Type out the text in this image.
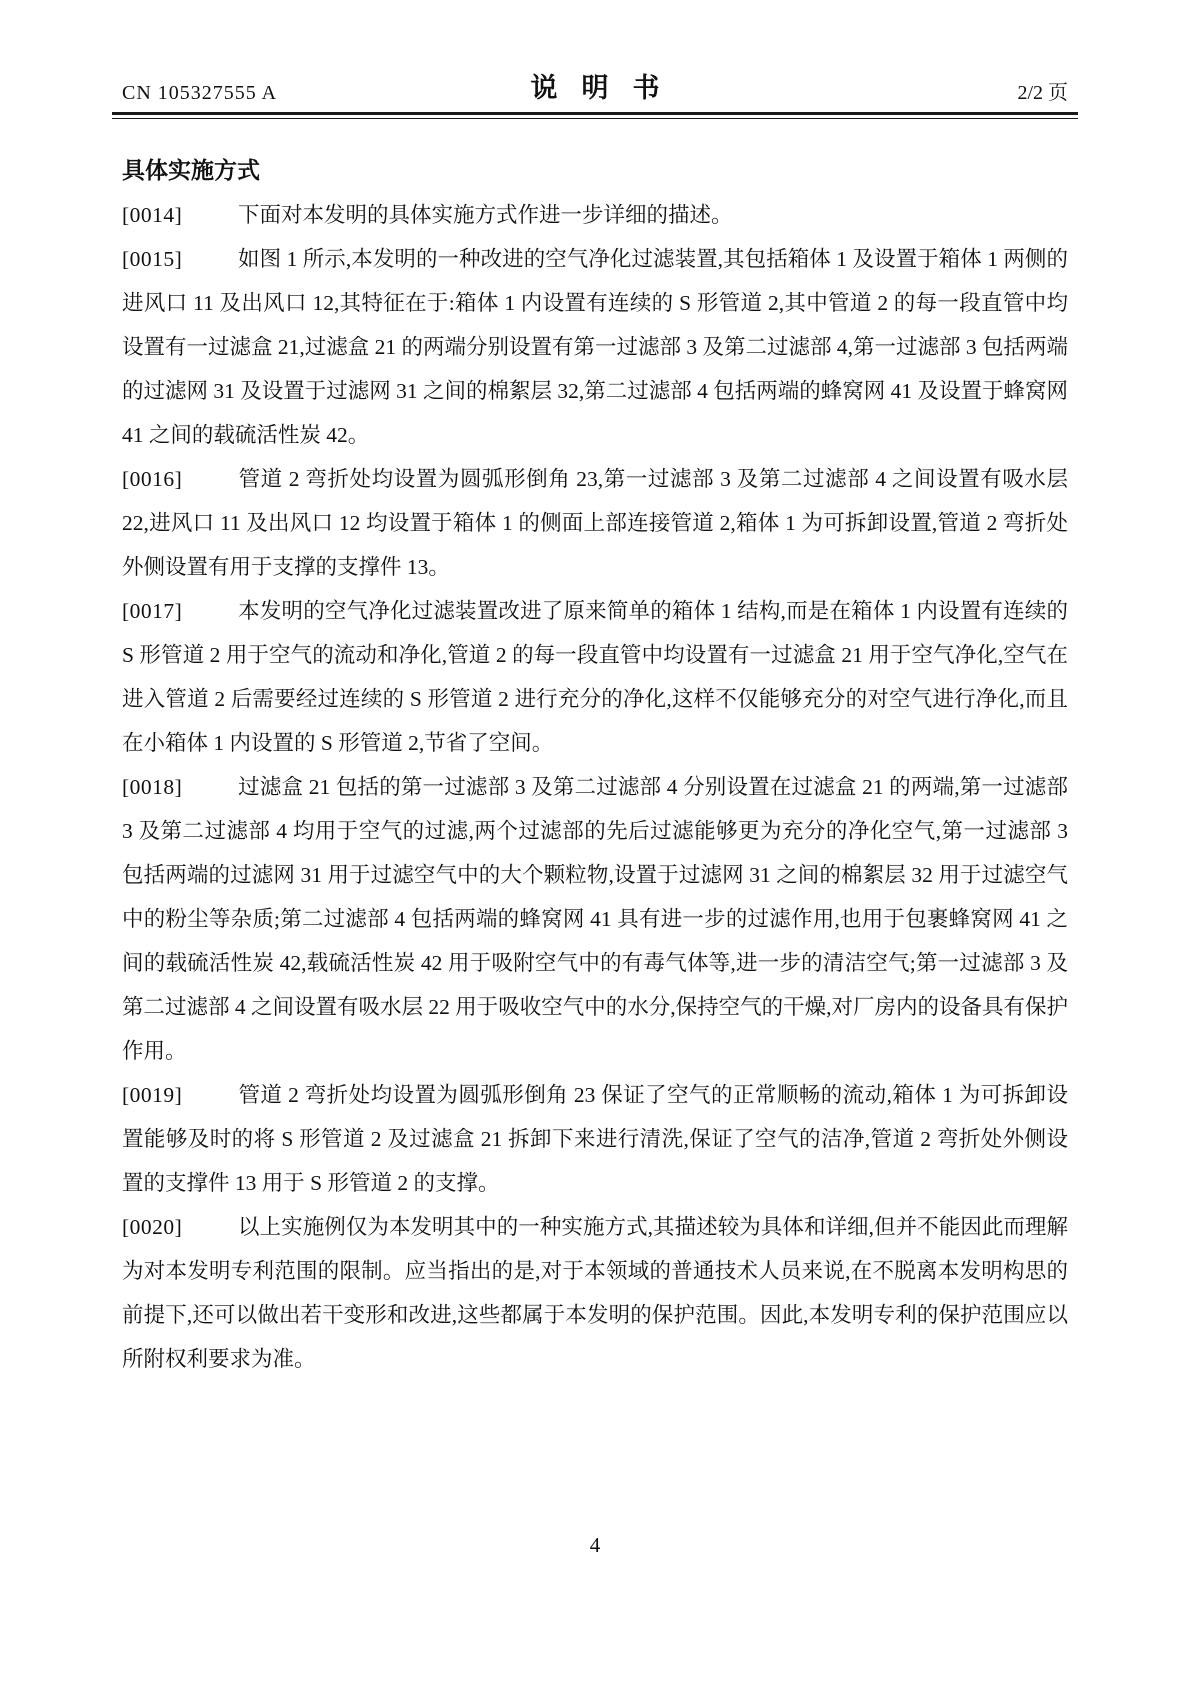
CN 105327555 A	说明书	2/2 页
具体实施方式

[0014]	下面对本发明的具体实施方式作进一步详细的描述。

[0015]	如图 1 所示,本发明的一种改进的空气净化过滤装置,其包括箱体 1 及设置于箱体 1 两侧的进风口 11 及出风口 12,其特征在于:箱体 1 内设置有连续的 S 形管道 2,其中管道 2 的每一段直管中均设置有一过滤盒 21,过滤盒 21 的两端分别设置有第一过滤部 3 及第二过滤部 4,第一过滤部 3 包括两端的过滤网 31 及设置于过滤网 31 之间的棉絮层 32,第二过滤部 4 包括两端的蜂窝网 41 及设置于蜂窝网 41 之间的载硫活性炭 42。

[0016]	管道 2 弯折处均设置为圆弧形倒角 23,第一过滤部 3 及第二过滤部 4 之间设置有吸水层 22,进风口 11 及出风口 12 均设置于箱体 1 的侧面上部连接管道 2,箱体 1 为可拆卸设置,管道 2 弯折处外侧设置有用于支撑的支撑件 13。

[0017]	本发明的空气净化过滤装置改进了原来简单的箱体 1 结构,而是在箱体 1 内设置有连续的 S 形管道 2 用于空气的流动和净化,管道 2 的每一段直管中均设置有一过滤盒 21 用于空气净化,空气在进入管道 2 后需要经过连续的 S 形管道 2 进行充分的净化,这样不仅能够充分的对空气进行净化,而且在小箱体 1 内设置的 S 形管道 2,节省了空间。

[0018]	过滤盒 21 包括的第一过滤部 3 及第二过滤部 4 分别设置在过滤盒 21 的两端,第一过滤部 3 及第二过滤部 4 均用于空气的过滤,两个过滤部的先后过滤能够更为充分的净化空气,第一过滤部 3 包括两端的过滤网 31 用于过滤空气中的大个颗粒物,设置于过滤网 31 之间的棉絮层 32 用于过滤空气中的粉尘等杂质;第二过滤部 4 包括两端的蜂窝网 41 具有进一步的过滤作用,也用于包裹蜂窝网 41 之间的载硫活性炭 42,载硫活性炭 42 用于吸附空气中的有毒气体等,进一步的清洁空气;第一过滤部 3 及第二过滤部 4 之间设置有吸水层 22 用于吸收空气中的水分,保持空气的干燥,对厂房内的设备具有保护作用。

[0019]	管道 2 弯折处均设置为圆弧形倒角 23 保证了空气的正常顺畅的流动,箱体 1 为可拆卸设置能够及时的将 S 形管道 2 及过滤盒 21 拆卸下来进行清洗,保证了空气的洁净,管道 2 弯折处外侧设置的支撑件 13 用于 S 形管道 2 的支撑。

[0020]	以上实施例仅为本发明其中的一种实施方式,其描述较为具体和详细,但并不能因此而理解为对本发明专利范围的限制。应当指出的是,对于本领域的普通技术人员来说,在不脱离本发明构思的前提下,还可以做出若干变形和改进,这些都属于本发明的保护范围。因此,本发明专利的保护范围应以所附权利要求为准。

4
